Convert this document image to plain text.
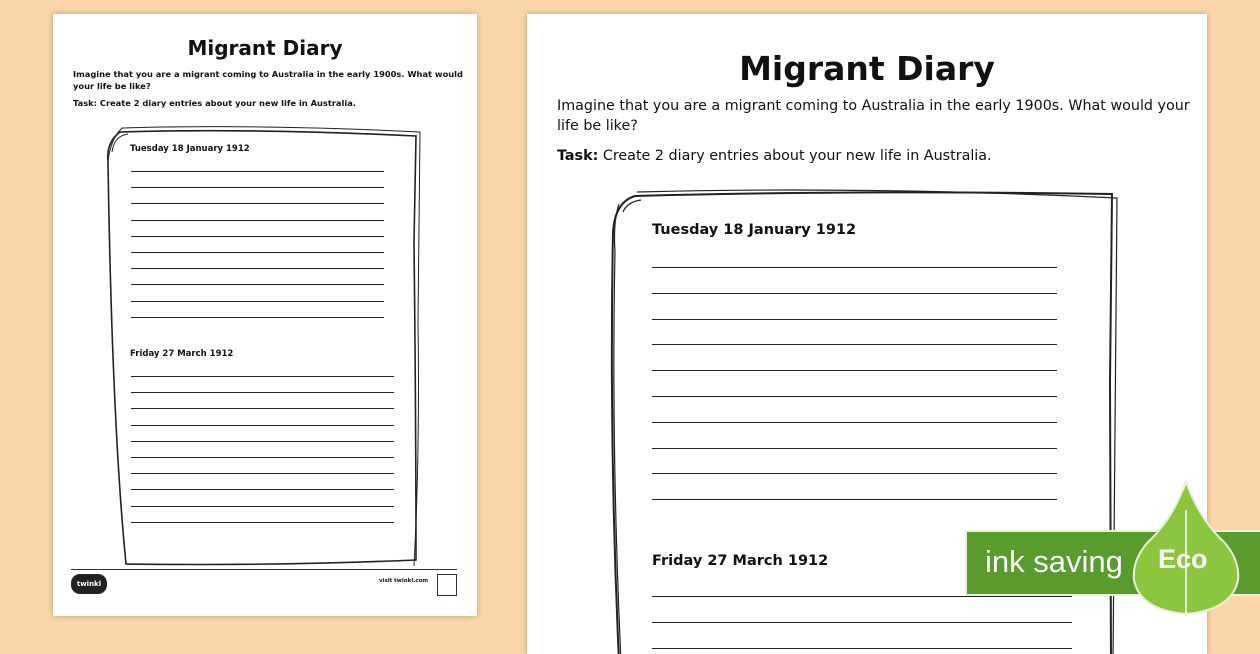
Migrant Diary
Imagine that you are a migrant coming to Australia in the early 1900s. What would your life be like?
Task: Create 2 diary entries about your new life in Australia.
Tuesday 18 January 1912
Friday 27 March 1912
twinkl	visit twinkl.com
Migrant Diary
Imagine that you are a migrant coming to Australia in the early 1900s. What would your life be like?
Task: Create 2 diary entries about your new life in Australia.
Tuesday 18 January 1912
Friday 27 March 1912	ink saving Eco
